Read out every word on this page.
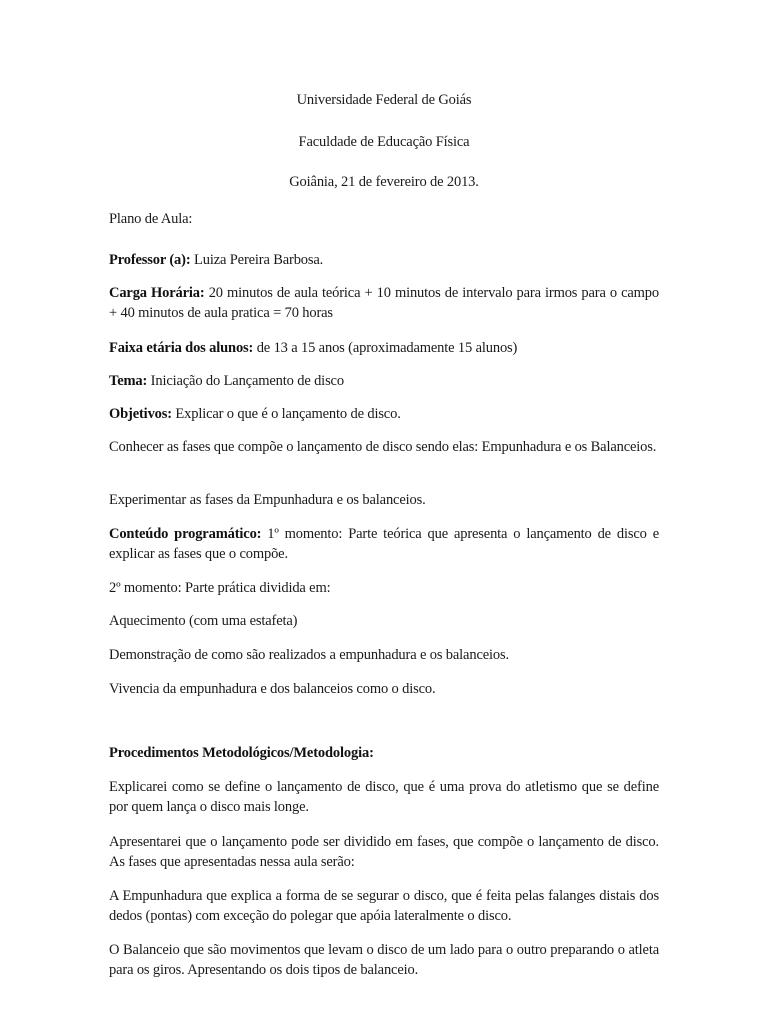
Universidade Federal de Goiás

Faculdade de Educação Física

Goiânia, 21 de fevereiro de 2013.

Plano de Aula:

Professor (a): Luiza Pereira Barbosa.

Carga Horária: 20 minutos de aula teórica + 10 minutos de intervalo para irmos para o campo + 40 minutos de aula pratica = 70 horas

Faixa etária dos alunos: de 13 a 15 anos (aproximadamente 15 alunos)

Tema: Iniciação do Lançamento de disco

Objetivos: Explicar o que é o lançamento de disco.

Conhecer as fases que compõe o lançamento de disco sendo elas: Empunhadura e os Balanceios.

Experimentar as fases da Empunhadura e os balanceios.

Conteúdo programático: 1º momento: Parte teórica que apresenta o lançamento de disco e explicar as fases que o compõe.

2º momento: Parte prática dividida em:

Aquecimento (com uma estafeta)

Demonstração de como são realizados a empunhadura e os balanceios.

Vivencia da empunhadura e dos balanceios como o disco.

Procedimentos Metodológicos/Metodologia:

Explicarei como se define o lançamento de disco, que é uma prova do atletismo que se define por quem lança o disco mais longe.

Apresentarei que o lançamento pode ser dividido em fases, que compõe o lançamento de disco. As fases que apresentadas nessa aula serão:

A Empunhadura que explica a forma de se segurar o disco, que é feita pelas falanges distais dos dedos (pontas) com exceção do polegar que apóia lateralmente o disco.

O Balanceio que são movimentos que levam o disco de um lado para o outro preparando o atleta para os giros. Apresentando os dois tipos de balanceio.
